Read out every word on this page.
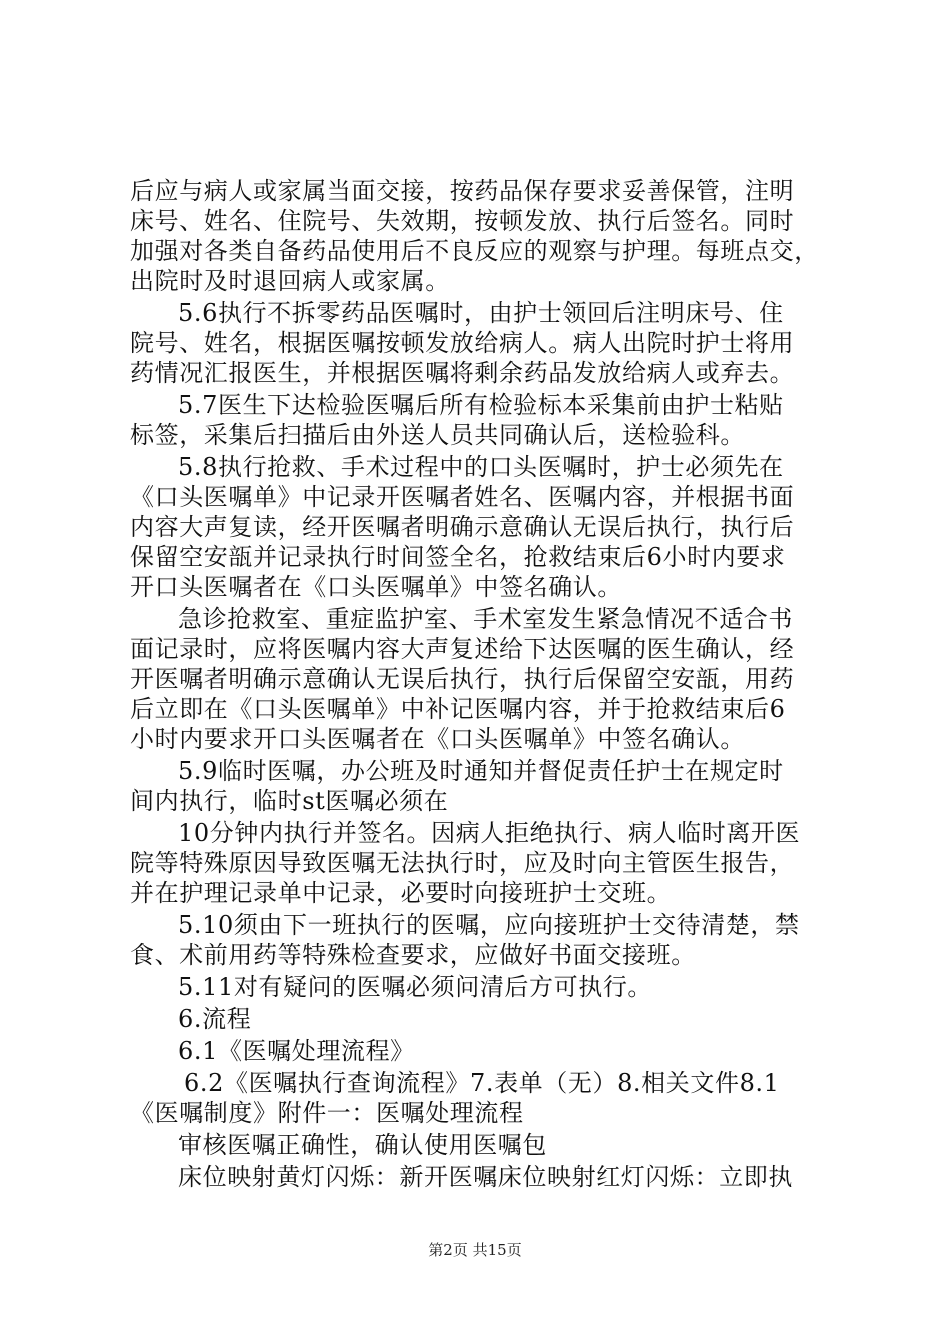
后应与病人或家属当面交接，按药品保存要求妥善保管，注明
床号、姓名、住院号、失效期，按顿发放、执行后签名。同时
加强对各类自备药品使用后不良反应的观察与护理。每班点交，
出院时及时退回病人或家属。
5.6执行不拆零药品医嘱时，由护士领回后注明床号、住
院号、姓名，根据医嘱按顿发放给病人。病人出院时护士将用
药情况汇报医生，并根据医嘱将剩余药品发放给病人或弃去。
5.7医生下达检验医嘱后所有检验标本采集前由护士粘贴
标签，采集后扫描后由外送人员共同确认后，送检验科。
5.8执行抢救、手术过程中的口头医嘱时，护士必须先在
《口头医嘱单》中记录开医嘱者姓名、医嘱内容，并根据书面
内容大声复读，经开医嘱者明确示意确认无误后执行，执行后
保留空安瓿并记录执行时间签全名，抢救结束后6小时内要求
开口头医嘱者在《口头医嘱单》中签名确认。
急诊抢救室、重症监护室、手术室发生紧急情况不适合书
面记录时，应将医嘱内容大声复述给下达医嘱的医生确认，经
开医嘱者明确示意确认无误后执行，执行后保留空安瓿，用药
后立即在《口头医嘱单》中补记医嘱内容，并于抢救结束后6
小时内要求开口头医嘱者在《口头医嘱单》中签名确认。
5.9临时医嘱，办公班及时通知并督促责任护士在规定时
间内执行，临时st医嘱必须在
10分钟内执行并签名。因病人拒绝执行、病人临时离开医
院等特殊原因导致医嘱无法执行时，应及时向主管医生报告，
并在护理记录单中记录，必要时向接班护士交班。
5.10须由下一班执行的医嘱，应向接班护士交待清楚，禁
食、术前用药等特殊检查要求，应做好书面交接班。
5.11对有疑问的医嘱必须问清后方可执行。
6.流程
6.1《医嘱处理流程》
6.2《医嘱执行查询流程》7.表单（无）8.相关文件8.1
《医嘱制度》附件一：医嘱处理流程
审核医嘱正确性，确认使用医嘱包
床位映射黄灯闪烁：新开医嘱床位映射红灯闪烁：立即执
第2页 共15页
